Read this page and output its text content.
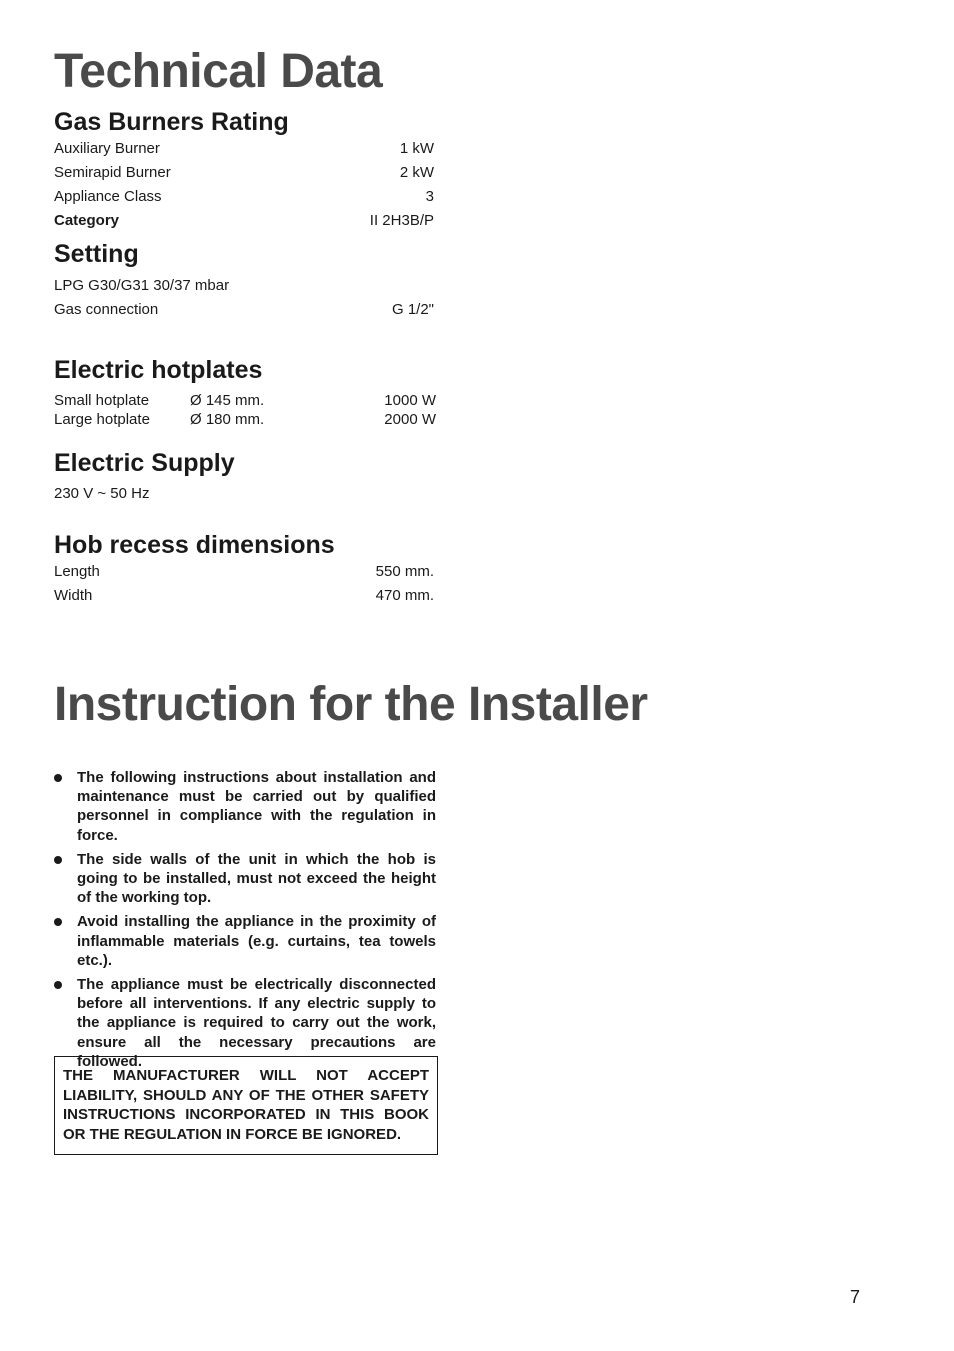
Technical Data
Gas Burners Rating
Auxiliary Burner	1 kW
Semirapid Burner	2 kW
Appliance Class	3
Category	II 2H3B/P
Setting
LPG G30/G31 30/37 mbar
Gas connection	G 1/2"
Electric hotplates
Small hotplate	Ø 145 mm.	1000 W
Large hotplate	Ø 180 mm.	2000 W
Electric Supply
230 V ~ 50 Hz
Hob recess dimensions
Length	550 mm.
Width	470 mm.
Instruction for the Installer
The following instructions about installation and maintenance must be carried out by qualified personnel in compliance with the regulation in force.
The side walls of the unit in which the hob is going to be installed, must not exceed the height of the working top.
Avoid installing the appliance in the proximity of inflammable materials (e.g. curtains, tea towels etc.).
The appliance must be electrically disconnected before all interventions. If any electric supply to the appliance is required to carry out the work, ensure all the necessary precautions are followed.
THE MANUFACTURER WILL NOT ACCEPT LIABILITY, SHOULD ANY OF THE OTHER SAFETY INSTRUCTIONS INCORPORATED IN THIS BOOK OR THE REGULATION IN FORCE BE IGNORED.
7
